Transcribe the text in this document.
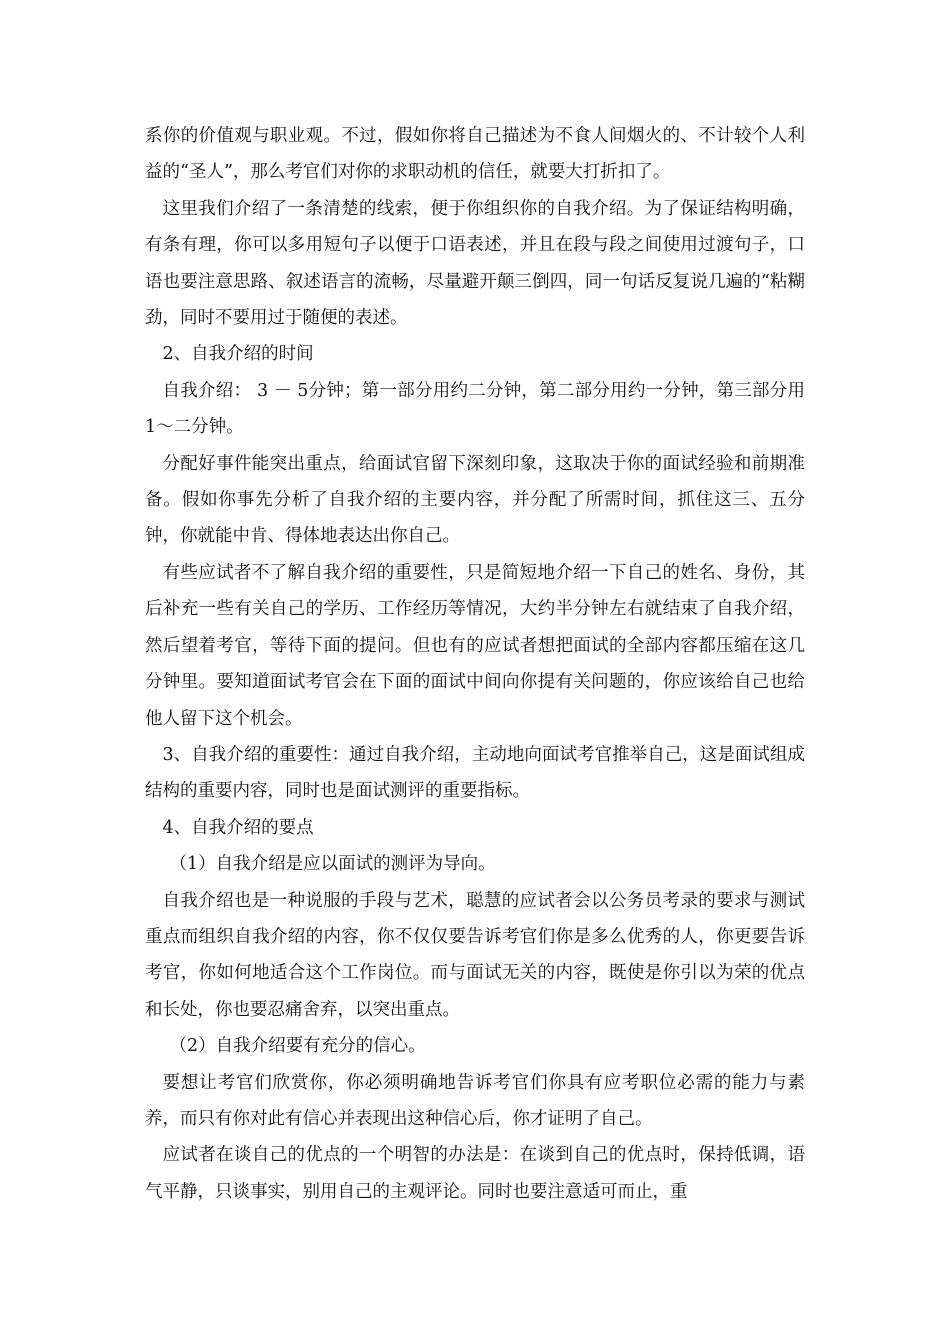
系你的价值观与职业观。不过，假如你将自己描述为不食人间烟火的、不计较个人利益的“圣人”，那么考官们对你的求职动机的信任，就要大打折扣了。

这里我们介绍了一条清楚的线索，便于你组织你的自我介绍。为了保证结构明确，有条有理，你可以多用短句子以便于口语表述，并且在段与段之间使用过渡句子，口语也要注意思路、叙述语言的流畅，尽量避开颠三倒四，同一句话反复说几遍的“粘糊劲，同时不要用过于随便的表述。

2、自我介绍的时间

自我介绍： 3 － 5分钟；第一部分用约二分钟，第二部分用约一分钟，第三部分用1～二分钟。

分配好事件能突出重点，给面试官留下深刻印象，这取决于你的面试经验和前期准备。假如你事先分析了自我介绍的主要内容，并分配了所需时间，抓住这三、五分钟，你就能中肯、得体地表达出你自己。

有些应试者不了解自我介绍的重要性，只是简短地介绍一下自己的姓名、身份，其后补充一些有关自己的学历、工作经历等情况，大约半分钟左右就结束了自我介绍，然后望着考官，等待下面的提问。但也有的应试者想把面试的全部内容都压缩在这几分钟里。要知道面试考官会在下面的面试中间向你提有关问题的，你应该给自己也给他人留下这个机会。

3、自我介绍的重要性：通过自我介绍，主动地向面试考官推举自己，这是面试组成结构的重要内容，同时也是面试测评的重要指标。

4、自我介绍的要点

（1）自我介绍是应以面试的测评为导向。

自我介绍也是一种说服的手段与艺术，聪慧的应试者会以公务员考录的要求与测试重点而组织自我介绍的内容，你不仅仅要告诉考官们你是多么优秀的人，你更要告诉考官，你如何地适合这个工作岗位。而与面试无关的内容，既使是你引以为荣的优点和长处，你也要忍痛舍弃，以突出重点。

（2）自我介绍要有充分的信心。

要想让考官们欣赏你，你必须明确地告诉考官们你具有应考职位必需的能力与素养，而只有你对此有信心并表现出这种信心后，你才证明了自己。

应试者在谈自己的优点的一个明智的办法是：在谈到自己的优点时，保持低调，语气平静，只谈事实，别用自己的主观评论。同时也要注意适可而止，重
